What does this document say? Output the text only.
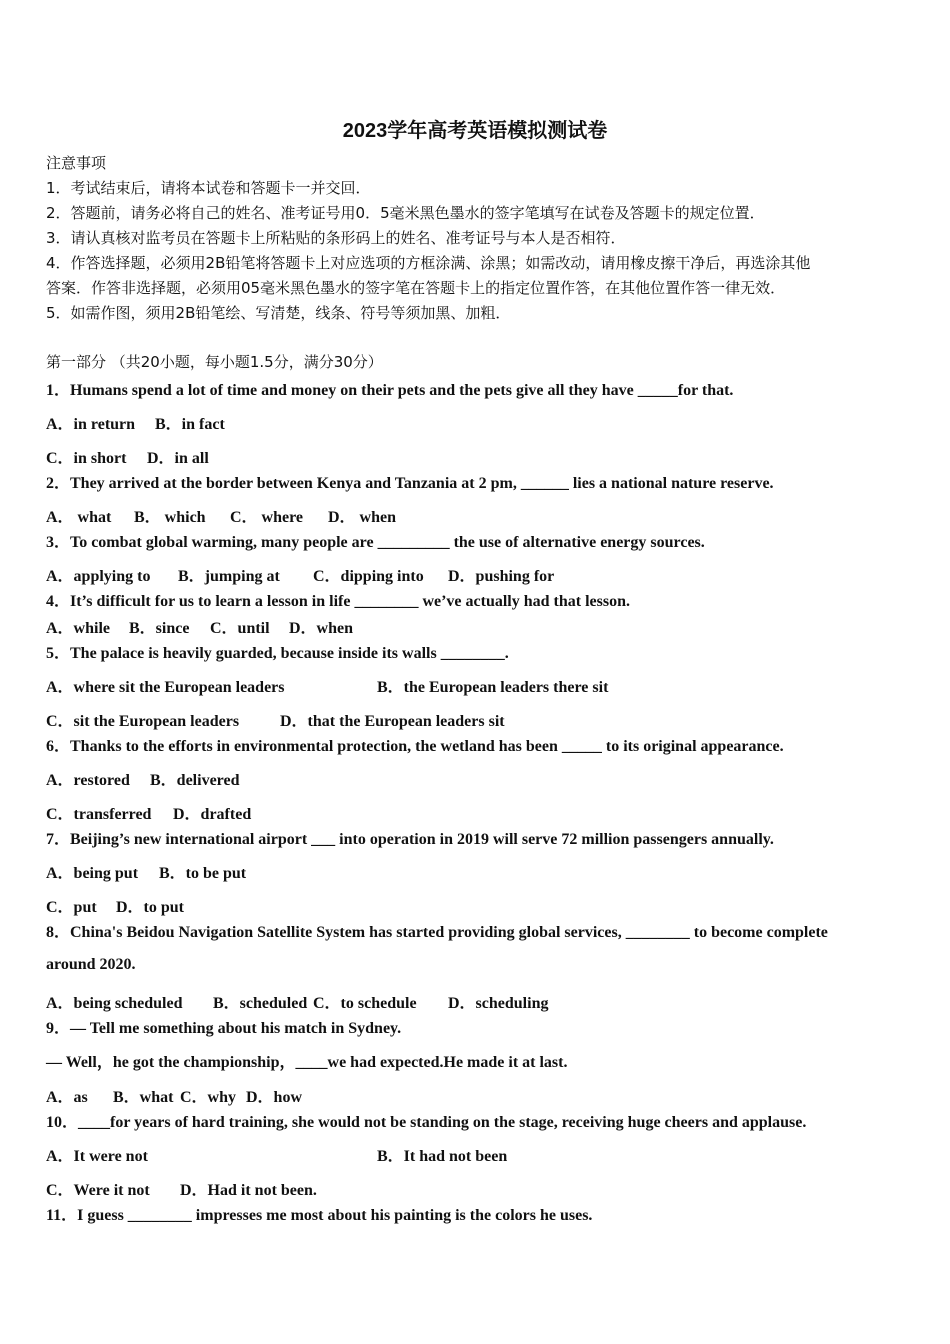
2023学年高考英语模拟测试卷
注意事项
1．考试结束后，请将本试卷和答题卡一并交回．
2．答题前，请务必将自己的姓名、准考证号用0．5毫米黑色墨水的签字笔填写在试卷及答题卡的规定位置．
3．请认真核对监考员在答题卡上所粘贴的条形码上的姓名、准考证号与本人是否相符．
4．作答选择题，必须用2B铅笔将答题卡上对应选项的方框涂满、涂黑；如需改动，请用橡皮擦干净后，再选涂其他
答案．作答非选择题，必须用05毫米黑色墨水的签字笔在答题卡上的指定位置作答，在其他位置作答一律无效．
5．如需作图，须用2B铅笔绘、写清楚，线条、符号等须加黑、加粗．
第一部分 （共20小题，每小题1.5分，满分30分）
1．Humans spend a lot of time and money on their pets and the pets give all they have _____for that.
A．in return B．in fact
C．in short D．in all
2．They arrived at the border between Kenya and Tanzania at 2 pm, ______ lies a national nature reserve.
A． what B． which C． where D． when
3．To combat global warming, many people are _________ the use of alternative energy sources.
A．applying to B．jumping at C．dipping into D．pushing for
4．It’s difficult for us to learn a lesson in life ________ we’ve actually had that lesson.
A．while B．since C．until D．when
5．The palace is heavily guarded, because inside its walls ________.
A．where sit the European leaders	B．the European leaders there sit
C．sit the European leaders	D．that the European leaders sit
6．Thanks to the efforts in environmental protection, the wetland has been _____ to its original appearance.
A．restored B．delivered
C．transferred D．drafted
7．Beijing’s new international airport ___ into operation in 2019 will serve 72 million passengers annually.
A．being put B．to be put
C．put D．to put
8．China's Beidou Navigation Satellite System has started providing global services, ________ to become complete
around 2020.
A．being scheduled B．scheduled C．to schedule D．scheduling
9．— Tell me something about his match in Sydney.
— Well，he got the championship，____we had expected.He made it at last.
A．as B．what C．why D．how
10．____for years of hard training, she would not be standing on the stage, receiving huge cheers and applause.
A．It were not	B．It had not been
C．Were it not D．Had it not been.
11．I guess ________ impresses me most about his painting is the colors he uses.
